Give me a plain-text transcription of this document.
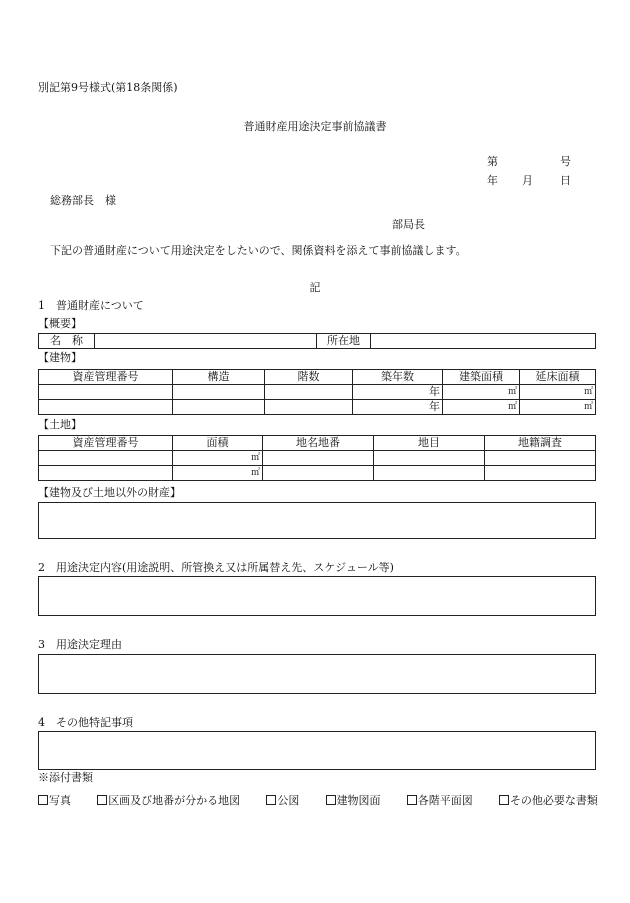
別記第9号様式(第18条関係)
普通財産用途決定事前協議書
第	号
年 月 日
総務部長　様
部局長
下記の普通財産について用途決定をしたいので、関係資料を添えて事前協議します。
記
1　普通財産について
【概要】
名　称		所在地	
【建物】
資産管理番号	構造	階数	築年数	建築面積	延床面積
			年	㎡	㎡
			年	㎡	㎡
【土地】
資産管理番号	面積	地名地番	地目	地籍調査
	㎡			
	㎡			
【建物及び土地以外の財産】
2　用途決定内容(用途説明、所管換え又は所属替え先、スケジュール等)
3　用途決定理由
4　その他特記事項
※添付書類
写真	区画及び地番が分かる地図	公図	建物図面	各階平面図	その他必要な書類
